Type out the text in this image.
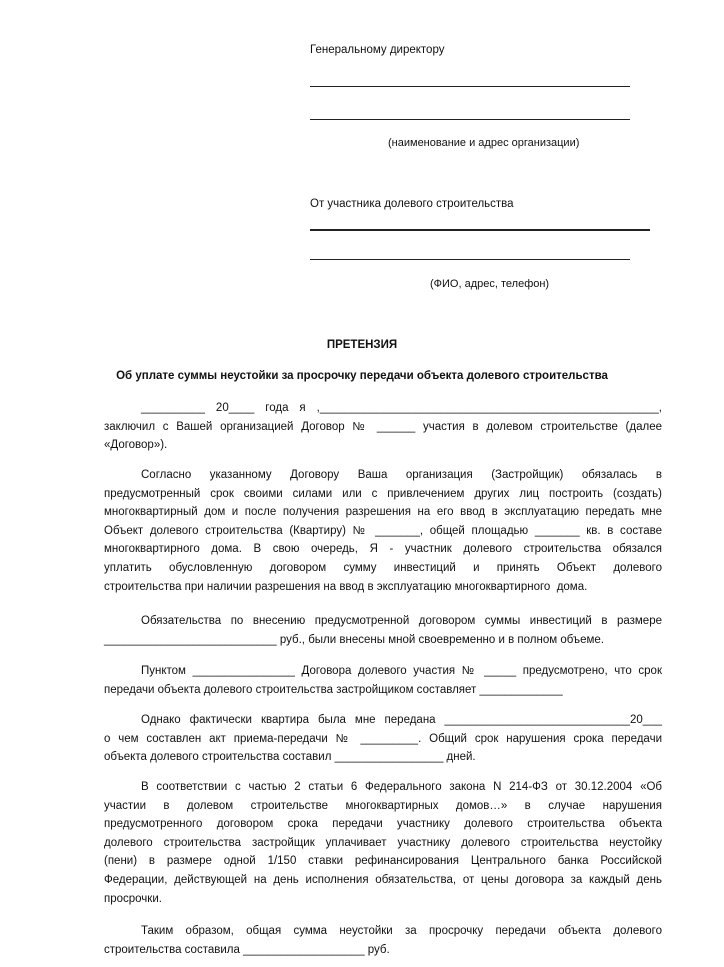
Генеральному директору
(наименование и адрес организации)
От участника долевого строительства
(ФИО, адрес, телефон)
ПРЕТЕНЗИЯ
Об уплате суммы неустойки за просрочку передачи объекта долевого строительства
__________ 20____ года я ,_____________________________________________________,
заключил с Вашей организацией Договор № ______ участия в долевом строительстве (далее
«Договор»).
Согласно указанному Договору Ваша организация (Застройщик) обязалась в
предусмотренный срок своими силами или с привлечением других лиц построить (создать)
многоквартирный дом и после получения разрешения на его ввод в эксплуатацию передать мне
Объект долевого строительства (Квартиру) № _______, общей площадью _______ кв. в составе
многоквартирного дома. В свою очередь, Я - участник долевого строительства обязался
уплатить обусловленную договором сумму инвестиций и принять Объект долевого
строительства при наличии разрешения на ввод в эксплуатацию многоквартирного  дома.
Обязательства по внесению предусмотренной договором суммы инвестиций в размере
___________________________ руб., были внесены мной своевременно и в полном объеме.
Пунктом ________________ Договора долевого участия № _____ предусмотрено, что срок
передачи объекта долевого строительства застройщиком составляет _____________
Однако фактически квартира была мне передана _____________________________20___
о чем составлен акт приема-передачи № _________. Общий срок нарушения срока передачи
объекта долевого строительства составил _________________ дней.
В соответствии с частью 2 статьи 6 Федерального закона N 214-ФЗ от 30.12.2004 «Об
участии в долевом строительстве многоквартирных домов…» в случае нарушения
предусмотренного договором срока передачи участнику долевого строительства объекта
долевого строительства застройщик уплачивает участнику долевого строительства неустойку
(пени) в размере одной 1/150 ставки рефинансирования Центрального банка Российской
Федерации, действующей на день исполнения обязательства, от цены договора за каждый день
просрочки.
Таким образом, общая сумма неустойки за просрочку передачи объекта долевого
строительства составила ___________________ руб.
